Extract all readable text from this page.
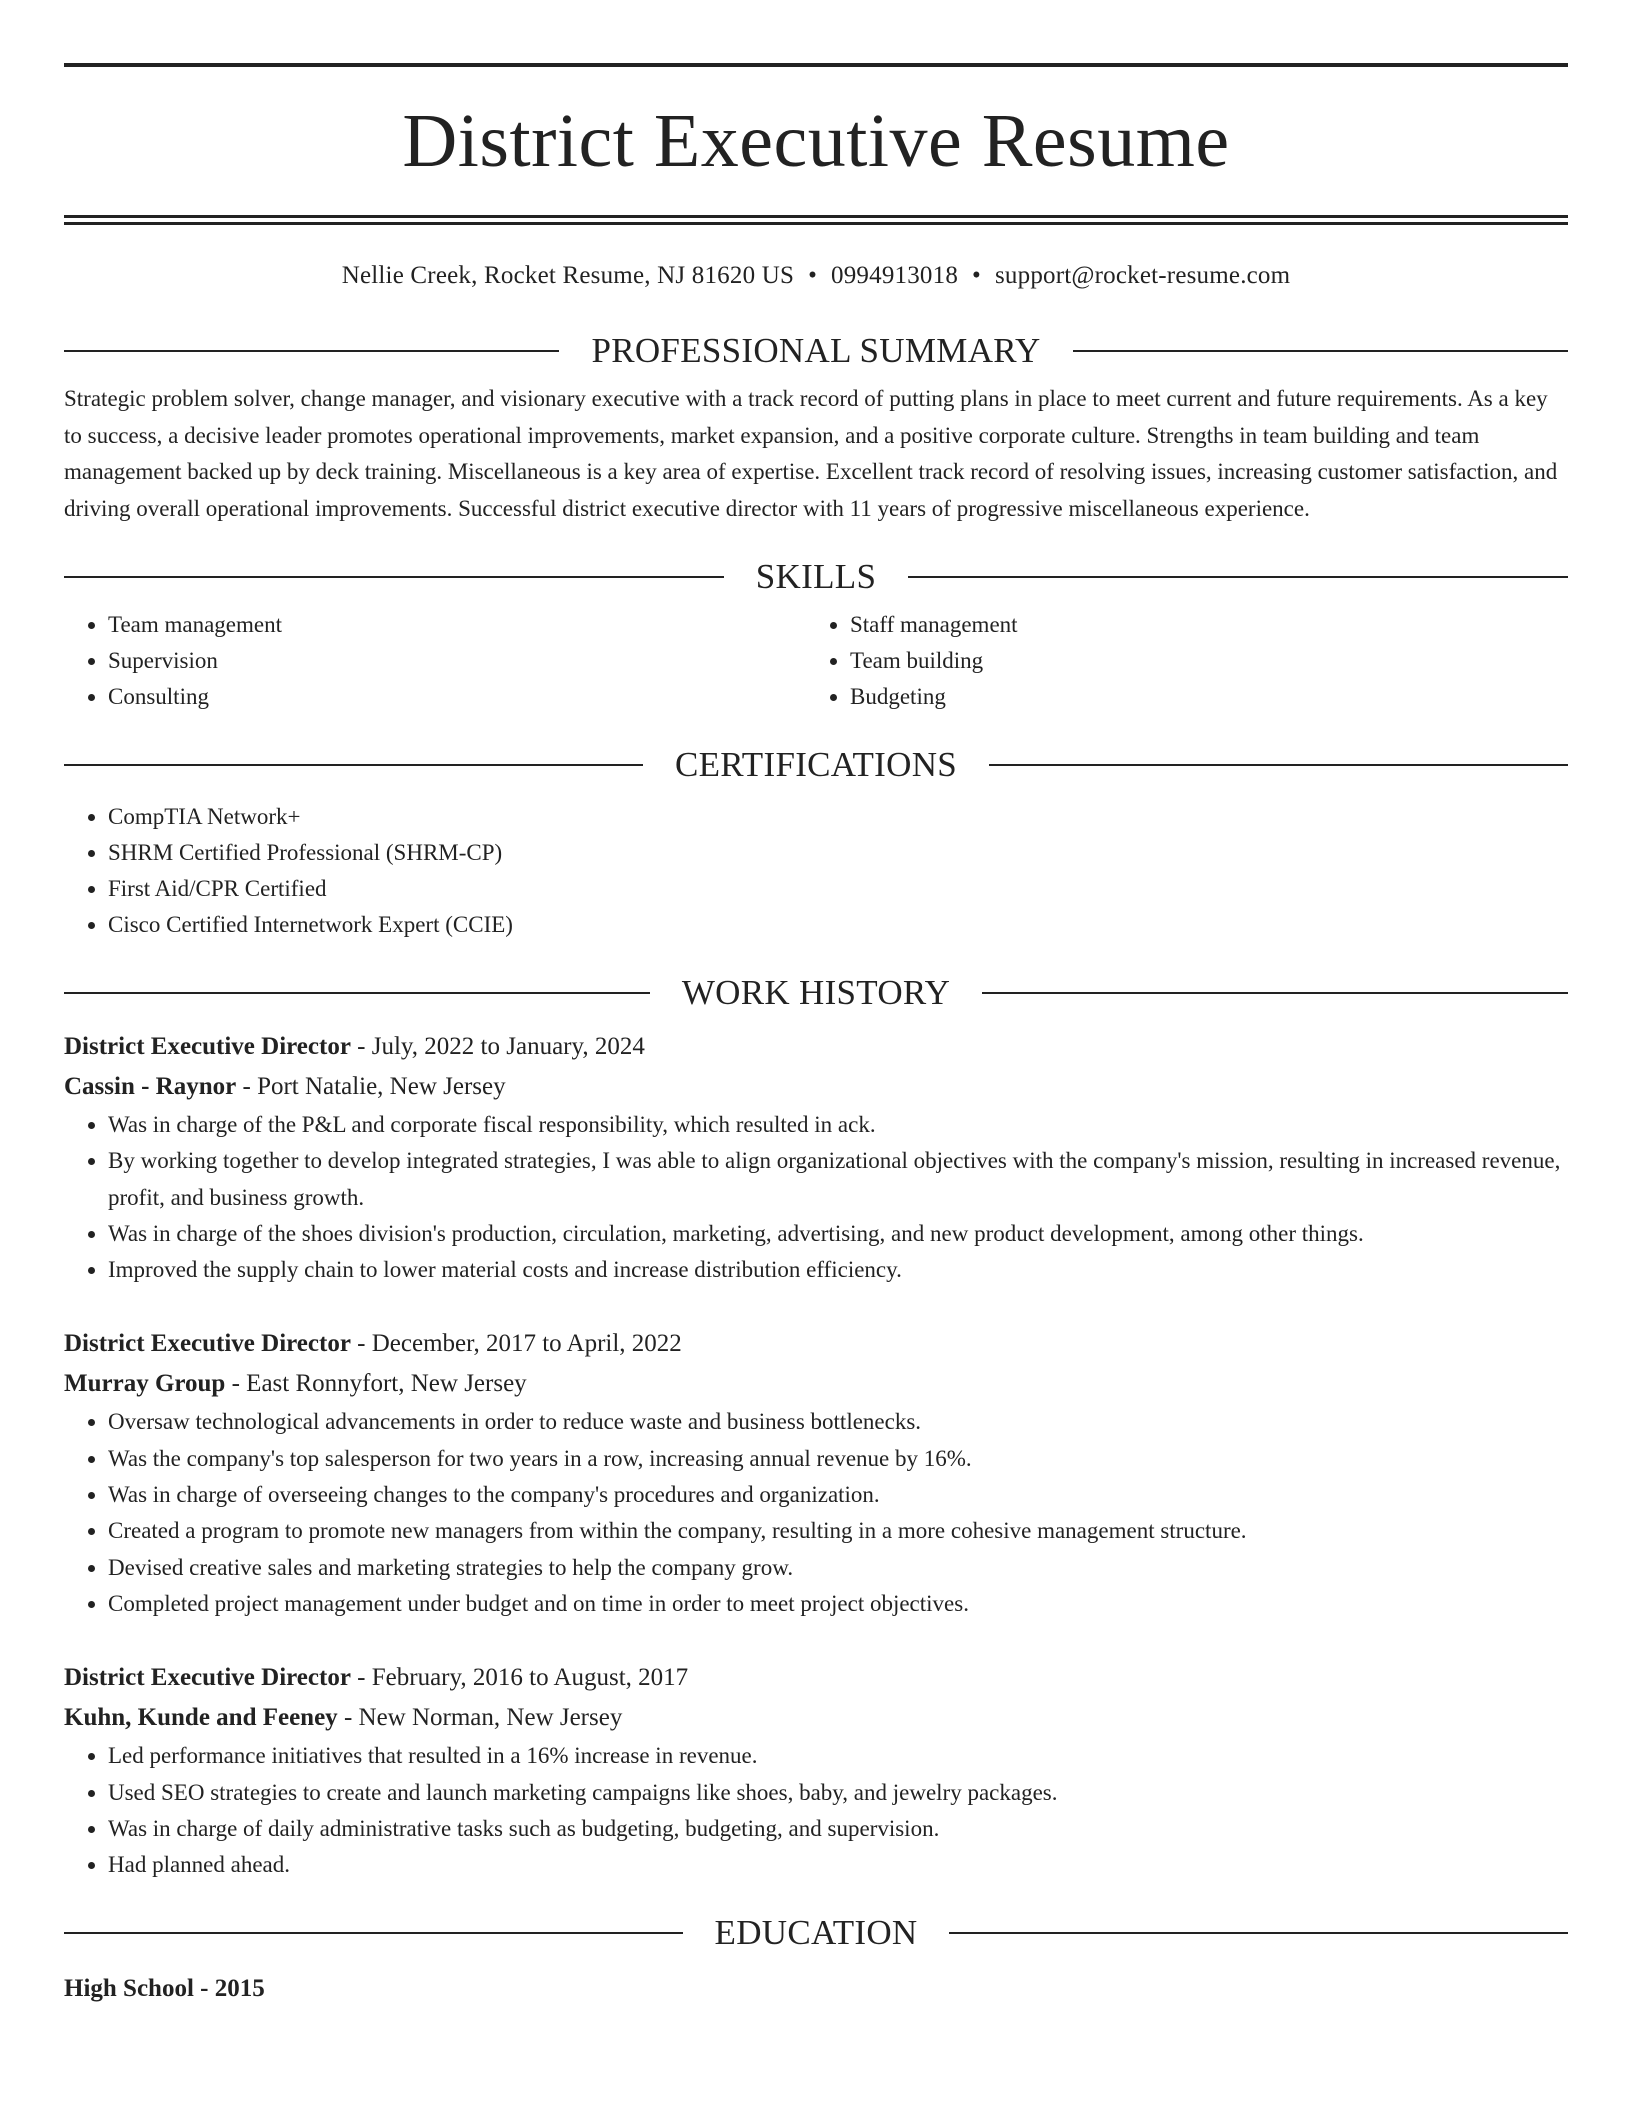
District Executive Resume
Nellie Creek, Rocket Resume, NJ 81620 US • 0994913018 • support@rocket-resume.com
PROFESSIONAL SUMMARY
Strategic problem solver, change manager, and visionary executive with a track record of putting plans in place to meet current and future requirements. As a key to success, a decisive leader promotes operational improvements, market expansion, and a positive corporate culture. Strengths in team building and team management backed up by deck training. Miscellaneous is a key area of expertise. Excellent track record of resolving issues, increasing customer satisfaction, and driving overall operational improvements. Successful district executive director with 11 years of progressive miscellaneous experience.
SKILLS
• Team management
• Supervision
• Consulting
• Staff management
• Team building
• Budgeting
CERTIFICATIONS
• CompTIA Network+
• SHRM Certified Professional (SHRM-CP)
• First Aid/CPR Certified
• Cisco Certified Internetwork Expert (CCIE)
WORK HISTORY
District Executive Director - July, 2022 to January, 2024
Cassin - Raynor - Port Natalie, New Jersey
• Was in charge of the P&L and corporate fiscal responsibility, which resulted in ack.
• By working together to develop integrated strategies, I was able to align organizational objectives with the company's mission, resulting in increased revenue, profit, and business growth.
• Was in charge of the shoes division's production, circulation, marketing, advertising, and new product development, among other things.
• Improved the supply chain to lower material costs and increase distribution efficiency.
District Executive Director - December, 2017 to April, 2022
Murray Group - East Ronnyfort, New Jersey
• Oversaw technological advancements in order to reduce waste and business bottlenecks.
• Was the company's top salesperson for two years in a row, increasing annual revenue by 16%.
• Was in charge of overseeing changes to the company's procedures and organization.
• Created a program to promote new managers from within the company, resulting in a more cohesive management structure.
• Devised creative sales and marketing strategies to help the company grow.
• Completed project management under budget and on time in order to meet project objectives.
District Executive Director - February, 2016 to August, 2017
Kuhn, Kunde and Feeney - New Norman, New Jersey
• Led performance initiatives that resulted in a 16% increase in revenue.
• Used SEO strategies to create and launch marketing campaigns like shoes, baby, and jewelry packages.
• Was in charge of daily administrative tasks such as budgeting, budgeting, and supervision.
• Had planned ahead.
EDUCATION
High School - 2015
